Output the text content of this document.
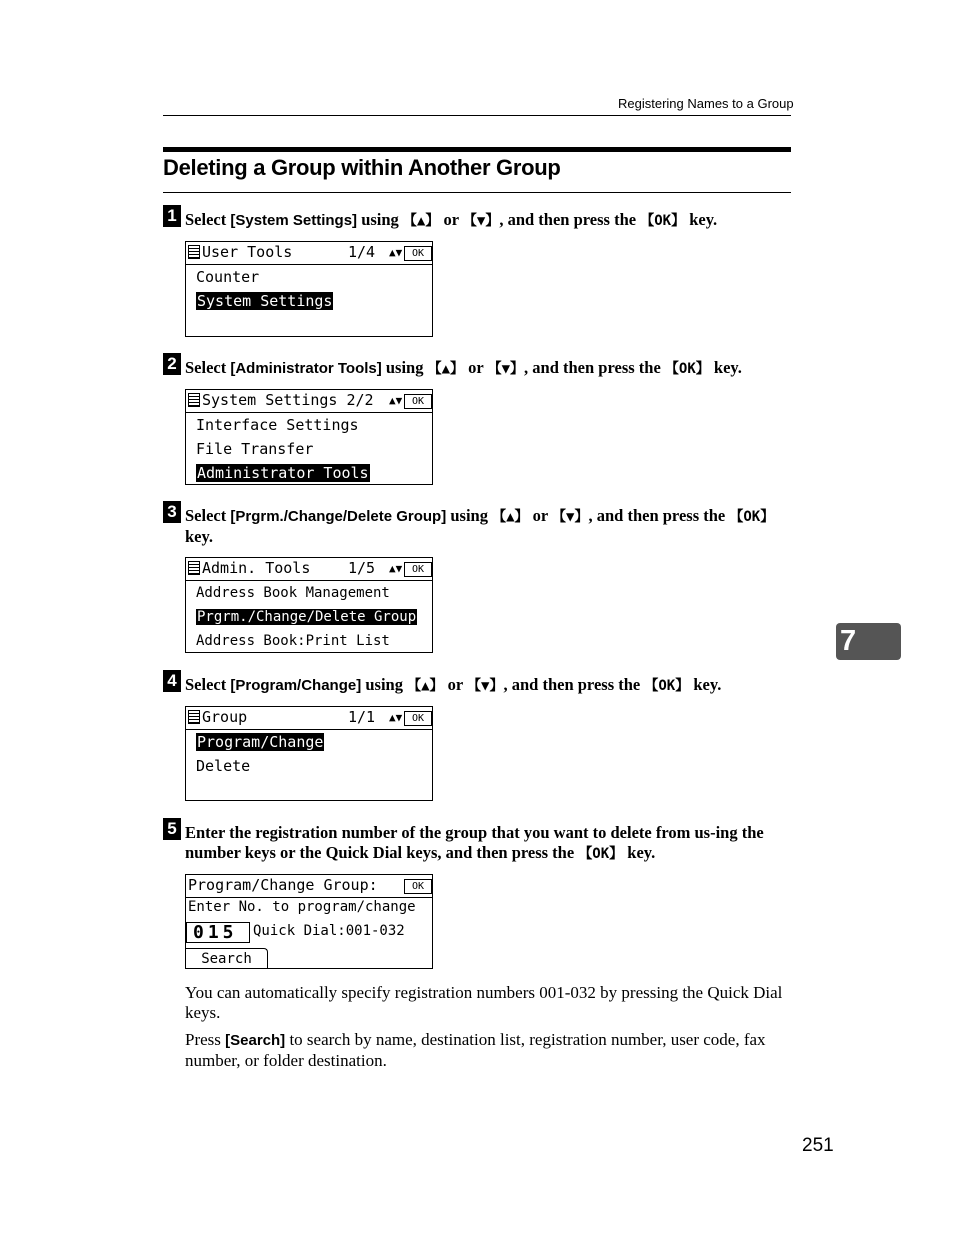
Registering Names to a Group
Deleting a Group within Another Group
1 Select [System Settings] using 【▲】 or 【▼】, and then press the 【OK】 key.
User Tools	1/4 ▲▼ OK
Counter
System Settings
2 Select [Administrator Tools] using 【▲】 or 【▼】, and then press the 【OK】 key.
System Settings 2/2 ▲▼ OK
Interface Settings
File Transfer
Administrator Tools
3 Select [Prgrm./Change/Delete Group] using 【▲】 or 【▼】, and then press the 【OK】 key.
Admin. Tools	1/5 ▲▼ OK
Address Book Management
Prgrm./Change/Delete Group
Address Book:Print List
4 Select [Program/Change] using 【▲】 or 【▼】, and then press the 【OK】 key.
Group	1/1 ▲▼ OK
Program/Change
Delete
5 Enter the registration number of the group that you want to delete from us-ing the number keys or the Quick Dial keys, and then press the 【OK】 key.
Program/Change Group:	OK
Enter No. to program/change
015	Quick Dial:001-032
Search
You can automatically specify registration numbers 001-032 by pressing the Quick Dial keys.
Press [Search] to search by name, destination list, registration number, user code, fax number, or folder destination.
7
251
